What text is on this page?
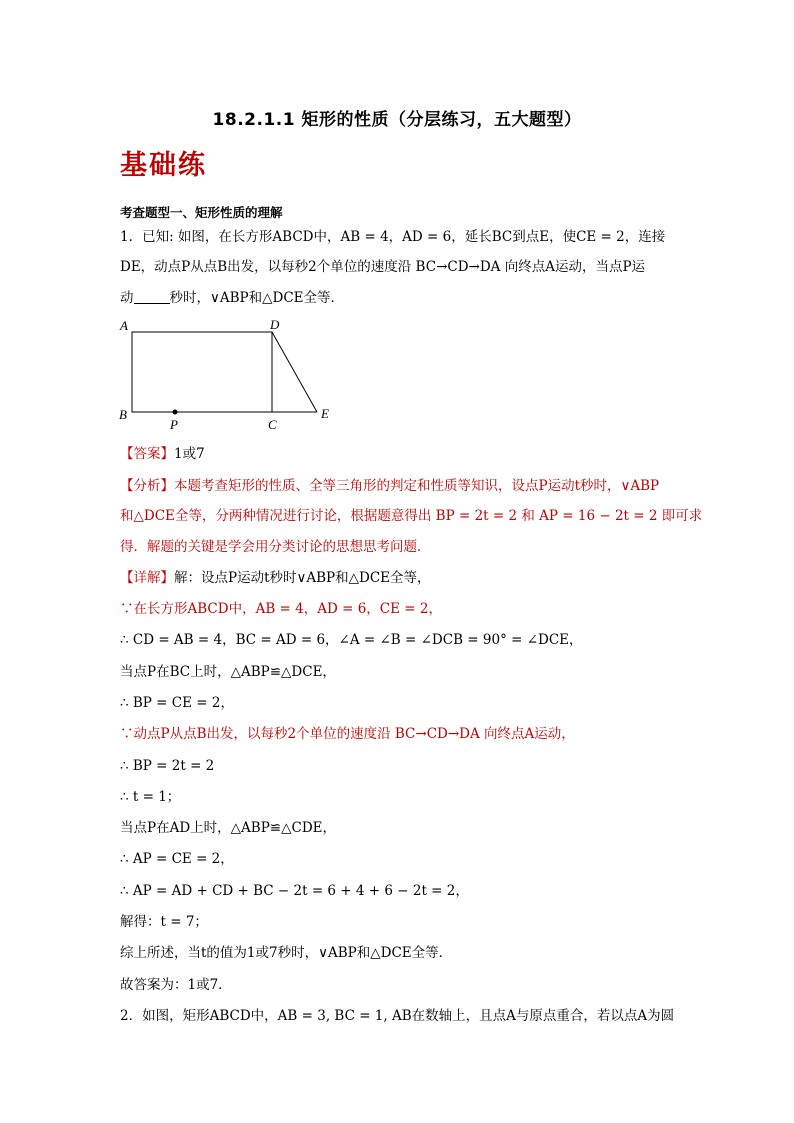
18.2.1.1 矩形的性质（分层练习，五大题型）
基础练
考查题型一、矩形性质的理解
1．已知: 如图，在长方形ABCD中，AB = 4，AD = 6，延长BC到点E，使CE = 2，连接
DE，动点P从点B出发，以每秒2个单位的速度沿 BC→CD→DA 向终点A运动，当点P运
动	秒时，∨ABP和△DCE全等．
A	D
B
P	C
E
【答案】1或7
【分析】本题考查矩形的性质、全等三角形的判定和性质等知识，设点P运动t秒时，∨ABP
和△DCE全等，分两种情况进行讨论，根据题意得出 BP = 2t = 2 和 AP = 16 − 2t = 2 即可求
得．解题的关键是学会用分类讨论的思想思考问题．
【详解】解：设点P运动t秒时∨ABP和△DCE全等，
∵在长方形ABCD中，AB = 4，AD = 6，CE = 2，
∴ CD = AB = 4，BC = AD = 6，∠A = ∠B = ∠DCB = 90° = ∠DCE，
当点P在BC上时，△ABP≌△DCE，
∴ BP = CE = 2，
∵动点P从点B出发，以每秒2个单位的速度沿 BC→CD→DA 向终点A运动，
∴ BP = 2t = 2
∴ t = 1；
当点P在AD上时，△ABP≌△CDE，
∴ AP = CE = 2，
∴ AP = AD + CD + BC − 2t = 6 + 4 + 6 − 2t = 2，
解得：t = 7；
综上所述，当t的值为1或7秒时，∨ABP和△DCE全等．
故答案为：1或7．
2．如图，矩形ABCD中，AB = 3, BC = 1, AB在数轴上，且点A与原点重合，若以点A为圆
